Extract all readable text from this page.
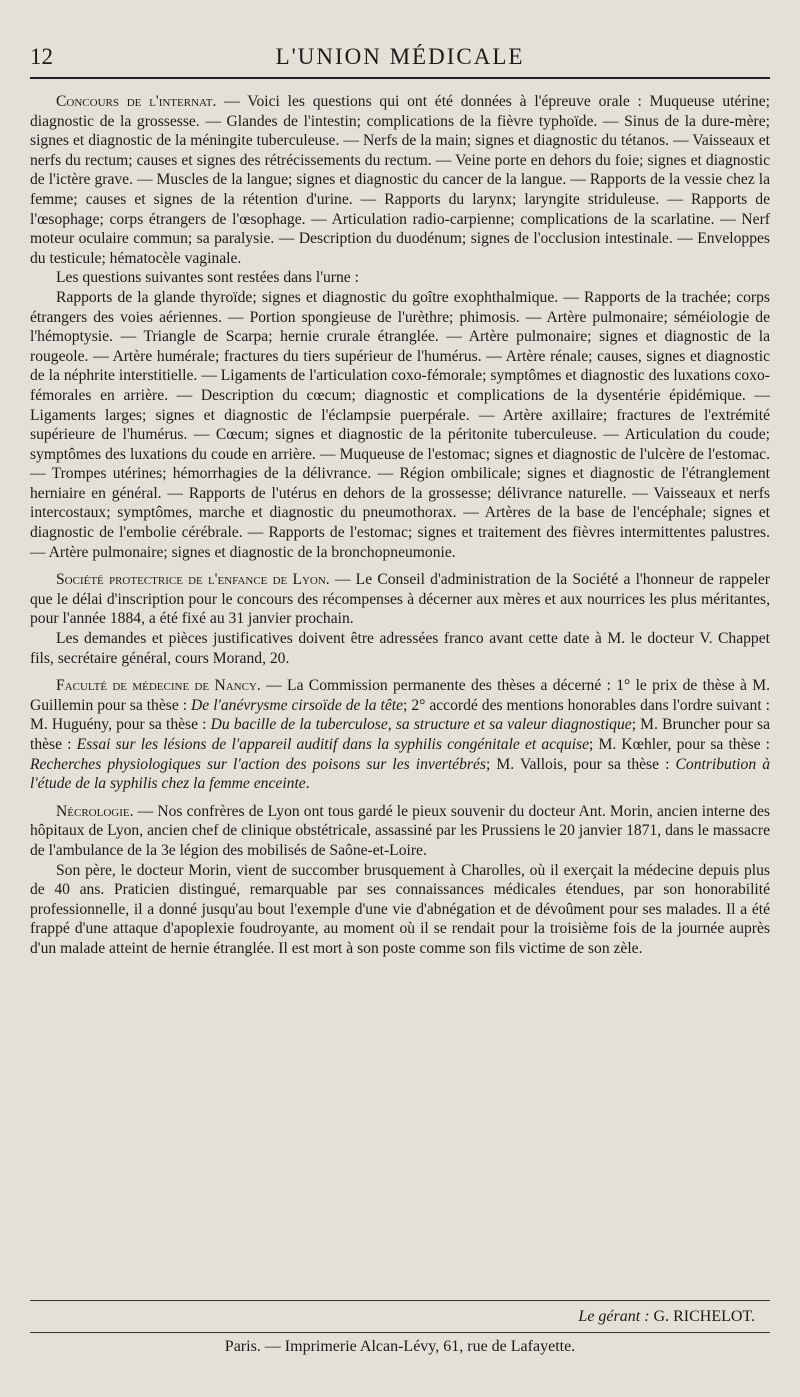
12	L'UNION MÉDICALE

Concours de l'internat. — Voici les questions qui ont été données à l'épreuve orale : Muqueuse utérine; diagnostic de la grossesse. — Glandes de l'intestin; complications de la fièvre typhoïde. — Sinus de la dure-mère; signes et diagnostic de la méningite tuberculeuse. — Nerfs de la main; signes et diagnostic du tétanos. — Vaisseaux et nerfs du rectum; causes et signes des rétrécissements du rectum. — Veine porte en dehors du foie; signes et diagnostic de l'ictère grave. — Muscles de la langue; signes et diagnostic du cancer de la langue. — Rapports de la vessie chez la femme; causes et signes de la rétention d'urine. — Rapports du larynx; laryngite striduleuse. — Rapports de l'œsophage; corps étrangers de l'œsophage. — Articulation radio-carpienne; complications de la scarlatine. — Nerf moteur oculaire commun; sa paralysie. — Description du duodénum; signes de l'occlusion intestinale. — Enveloppes du testicule; hématocèle vaginale.

Les questions suivantes sont restées dans l'urne :

Rapports de la glande thyroïde; signes et diagnostic du goître exophthalmique. — Rapports de la trachée; corps étrangers des voies aériennes. — Portion spongieuse de l'urèthre; phimosis. — Artère pulmonaire; séméiologie de l'hémoptysie. — Triangle de Scarpa; hernie crurale étranglée. — Artère pulmonaire; signes et diagnostic de la rougeole. — Artère humérale; fractures du tiers supérieur de l'humérus. — Artère rénale; causes, signes et diagnostic de la néphrite interstitielle. — Ligaments de l'articulation coxo-fémorale; symptômes et diagnostic des luxations coxo-fémorales en arrière. — Description du cœcum; diagnostic et complications de la dysentérie épidémique. — Ligaments larges; signes et diagnostic de l'éclampsie puerpérale. — Artère axillaire; fractures de l'extrémité supérieure de l'humérus. — Cœcum; signes et diagnostic de la péritonite tuberculeuse. — Articulation du coude; symptômes des luxations du coude en arrière. — Muqueuse de l'estomac; signes et diagnostic de l'ulcère de l'estomac. — Trompes utérines; hémorrhagies de la délivrance. — Région ombilicale; signes et diagnostic de l'étranglement herniaire en général. — Rapports de l'utérus en dehors de la grossesse; délivrance naturelle. — Vaisseaux et nerfs intercostaux; symptômes, marche et diagnostic du pneumothorax. — Artères de la base de l'encéphale; signes et diagnostic de l'embolie cérébrale. — Rapports de l'estomac; signes et traitement des fièvres intermittentes palustres. — Artère pulmonaire; signes et diagnostic de la bronchopneumonie.

Société protectrice de l'enfance de Lyon. — Le Conseil d'administration de la Société a l'honneur de rappeler que le délai d'inscription pour le concours des récompenses à décerner aux mères et aux nourrices les plus méritantes, pour l'année 1884, a été fixé au 31 janvier prochain.

Les demandes et pièces justificatives doivent être adressées franco avant cette date à M. le docteur V. Chappet fils, secrétaire général, cours Morand, 20.

Faculté de médecine de Nancy. — La Commission permanente des thèses a décerné : 1° le prix de thèse à M. Guillemin pour sa thèse : De l'anévrysme cirsoïde de la tête; 2° accordé des mentions honorables dans l'ordre suivant : M. Huguény, pour sa thèse : Du bacille de la tuberculose, sa structure et sa valeur diagnostique; M. Bruncher pour sa thèse : Essai sur les lésions de l'appareil auditif dans la syphilis congénitale et acquise; M. Kœhler, pour sa thèse : Recherches physiologiques sur l'action des poisons sur les invertébrés; M. Vallois, pour sa thèse : Contribution à l'étude de la syphilis chez la femme enceinte.

Nécrologie. — Nos confrères de Lyon ont tous gardé le pieux souvenir du docteur Ant. Morin, ancien interne des hôpitaux de Lyon, ancien chef de clinique obstétricale, assassiné par les Prussiens le 20 janvier 1871, dans le massacre de l'ambulance de la 3e légion des mobilisés de Saône-et-Loire.

Son père, le docteur Morin, vient de succomber brusquement à Charolles, où il exerçait la médecine depuis plus de 40 ans. Praticien distingué, remarquable par ses connaissances médicales étendues, par son honorabilité professionnelle, il a donné jusqu'au bout l'exemple d'une vie d'abnégation et de dévoûment pour ses malades. Il a été frappé d'une attaque d'apoplexie foudroyante, au moment où il se rendait pour la troisième fois de la journée auprès d'un malade atteint de hernie étranglée. Il est mort à son poste comme son fils victime de son zèle.

Le gérant : G. RICHELOT.
Paris. — Imprimerie Alcan-Lévy, 61, rue de Lafayette.
